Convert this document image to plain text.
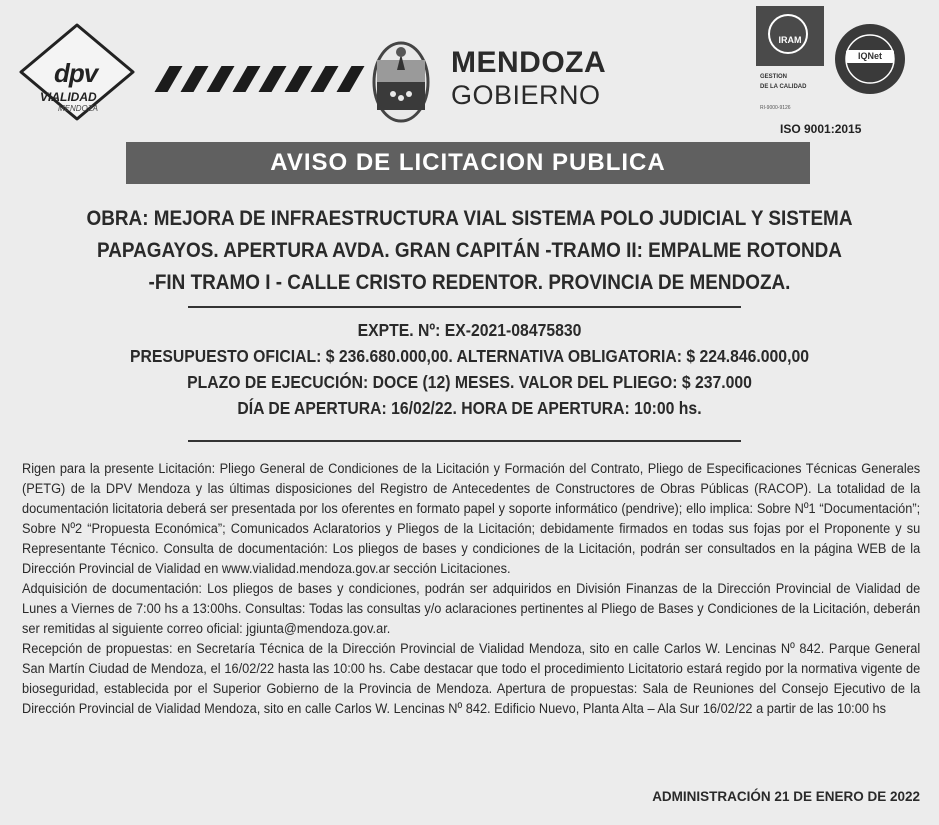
dpv
VIALIDAD
MENDOZA
MENDOZA
GOBIERNO
IRAM
GESTION
DE LA CALIDAD
RI-9000-9126
IQNet
ISO 9001:2015
AVISO DE LICITACION PUBLICA
OBRA: MEJORA DE INFRAESTRUCTURA VIAL SISTEMA POLO JUDICIAL Y SISTEMA
PAPAGAYOS. APERTURA AVDA. GRAN CAPITÁN -TRAMO II: EMPALME ROTONDA
-FIN TRAMO I - CALLE CRISTO REDENTOR. PROVINCIA DE MENDOZA.
EXPTE. Nº: EX-2021-08475830
PRESUPUESTO OFICIAL: $ 236.680.000,00. ALTERNATIVA OBLIGATORIA: $ 224.846.000,00
PLAZO DE EJECUCIÓN: DOCE (12) MESES. VALOR DEL PLIEGO: $ 237.000
DÍA DE APERTURA: 16/02/22. HORA DE APERTURA: 10:00 hs.

Rigen para la presente Licitación: Pliego General de Condiciones de la Licitación y Formación del Contrato, Pliego de Especificaciones Técnicas Generales (PETG) de la DPV Mendoza y las últimas disposiciones del Registro de Antecedentes de Constructores de Obras Públicas (RACOP). La totalidad de la documentación licitatoria deberá ser presentada por los oferentes en formato papel y soporte informático (pendrive); ello implica: Sobre Nº1 “Documentación”; Sobre Nº2 “Propuesta Económica”; Comunicados Aclaratorios y Pliegos de la Licitación; debidamente firmados en todas sus fojas por el Proponente y su Representante Técnico. Consulta de documentación: Los pliegos de bases y condiciones de la Licitación, podrán ser consultados en la página WEB de la Dirección Provincial de Vialidad en www.vialidad.mendoza.gov.ar sección Licitaciones.

Adquisición de documentación: Los pliegos de bases y condiciones, podrán ser adquiridos en División Finanzas de la Dirección Provincial de Vialidad de Lunes a Viernes de 7:00 hs a 13:00hs. Consultas: Todas las consultas y/o aclaraciones pertinentes al Pliego de Bases y Condiciones de la Licitación, deberán ser remitidas al siguiente correo oficial: jgiunta@mendoza.gov.ar.

Recepción de propuestas: en Secretaría Técnica de la Dirección Provincial de Vialidad Mendoza, sito en calle Carlos W. Lencinas Nº 842. Parque General San Martín Ciudad de Mendoza, el 16/02/22 hasta las 10:00 hs. Cabe destacar que todo el procedimiento Licitatorio estará regido por la normativa vigente de bioseguridad, establecida por el Superior Gobierno de la Provincia de Mendoza. Apertura de propuestas: Sala de Reuniones del Consejo Ejecutivo de la Dirección Provincial de Vialidad Mendoza, sito en calle Carlos W. Lencinas Nº 842. Edificio Nuevo, Planta Alta – Ala Sur 16/02/22 a partir de las 10:00 hs

ADMINISTRACIÓN 21 DE ENERO DE 2022
